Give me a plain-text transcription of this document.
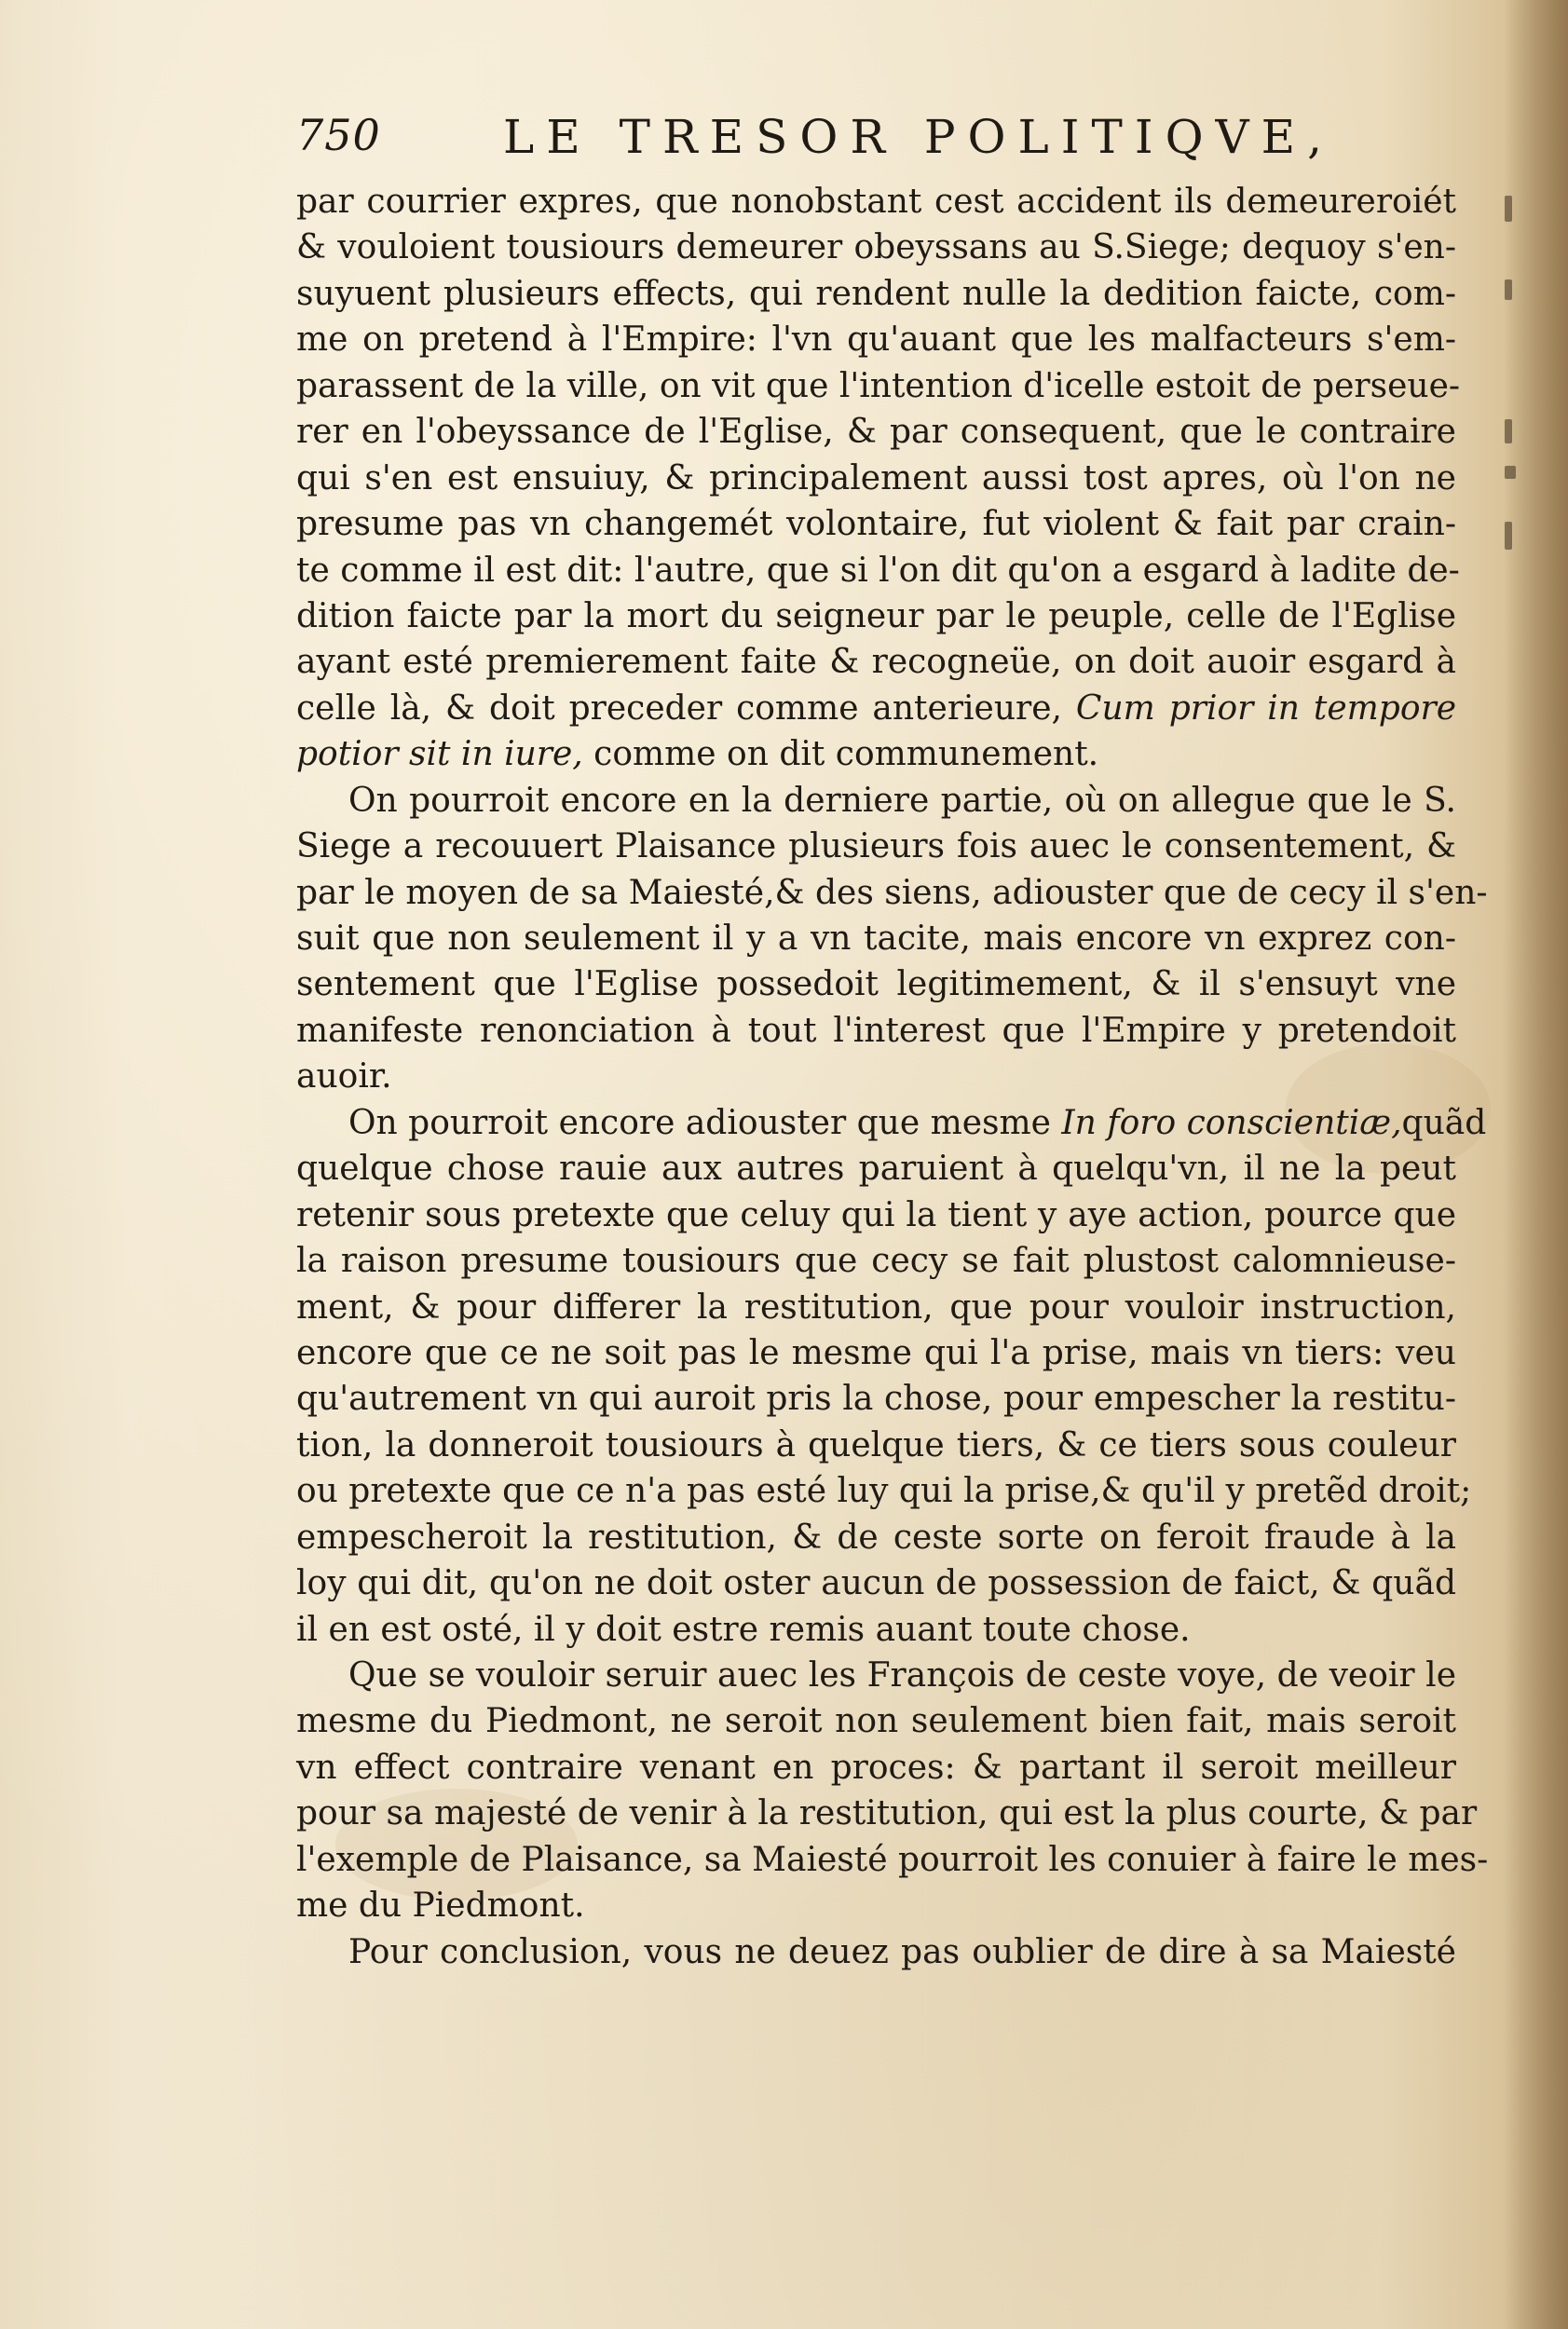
750	LE TRESOR POLITIQVE,
par courrier expres, que nonobstant cest accident ils demeureroiét
& vouloient tousiours demeurer obeyssans au S.Siege; dequoy s'en-
suyuent plusieurs effects, qui rendent nulle la dedition faicte, com-
me on pretend à l'Empire: l'vn qu'auant que les malfacteurs s'em-
parassent de la ville, on vit que l'intention d'icelle estoit de perseue-
rer en l'obeyssance de l'Eglise, & par consequent, que le contraire
qui s'en est ensuiuy, & principalement aussi tost apres, où l'on ne
presume pas vn changemét volontaire, fut violent & fait par crain-
te comme il est dit: l'autre, que si l'on dit qu'on a esgard à ladite de-
dition faicte par la mort du seigneur par le peuple, celle de l'Eglise
ayant esté premierement faite & recogneüe, on doit auoir esgard à
celle là, & doit preceder comme anterieure, Cum prior in tempore
potior sit in iure, comme on dit communement.
On pourroit encore en la derniere partie, où on allegue que le S.
Siege a recouuert Plaisance plusieurs fois auec le consentement, &
par le moyen de sa Maiesté,& des siens, adiouster que de cecy il s'en-
suit que non seulement il y a vn tacite, mais encore vn exprez con-
sentement que l'Eglise possedoit legitimement, & il s'ensuyt vne
manifeste renonciation à tout l'interest que l'Empire y pretendoit
auoir.
On pourroit encore adiouster que mesme In foro conscientiæ,quãd
quelque chose rauie aux autres paruient à quelqu'vn, il ne la peut
retenir sous pretexte que celuy qui la tient y aye action, pource que
la raison presume tousiours que cecy se fait plustost calomnieuse-
ment, & pour differer la restitution, que pour vouloir instruction,
encore que ce ne soit pas le mesme qui l'a prise, mais vn tiers: veu
qu'autrement vn qui auroit pris la chose, pour empescher la restitu-
tion, la donneroit tousiours à quelque tiers, & ce tiers sous couleur
ou pretexte que ce n'a pas esté luy qui la prise,& qu'il y pretẽd droit;
empescheroit la restitution, & de ceste sorte on feroit fraude à la
loy qui dit, qu'on ne doit oster aucun de possession de faict, & quãd
il en est osté, il y doit estre remis auant toute chose.
Que se vouloir seruir auec les François de ceste voye, de veoir le
mesme du Piedmont, ne seroit non seulement bien fait, mais seroit
vn effect contraire venant en proces: & partant il seroit meilleur
pour sa majesté de venir à la restitution, qui est la plus courte, & par
l'exemple de Plaisance, sa Maiesté pourroit les conuier à faire le mes-
me du Piedmont.
Pour conclusion, vous ne deuez pas oublier de dire à sa Maiesté
